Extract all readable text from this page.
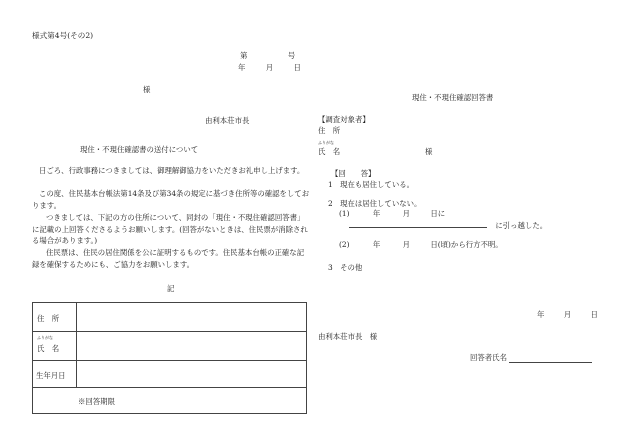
様式第4号(その2)
第	号
年	月	日
様
由利本荘市長
現住・不現住確認書の送付について
日ごろ、行政事務につきましては、御理解御協力をいただきお礼申し上げます。
この度、住民基本台帳法第14条及び第34条の規定に基づき住所等の確認をしております。
つきましては、下記の方の住所について、同封の「現住・不現住確認回答書」に記載の上回答くださるようお願いします。(回答がないときは、住民票が消除される場合があります。)
住民票は、住民の居住関係を公に証明するものです。住民基本台帳の正確な記録を確保するためにも、ご協力をお願いします。
記
住　所
ふりがな
氏　名
生年月日
※回答期限
現住・不現住確認回答書
【調査対象者】
住　所
ふりがな
氏　名	様
【回　　答】
1　現在も居住している。
2　現在は居住していない。
(1)	年	月	日に
に引っ越した。
(2)	年	月	日(頃)から行方不明。
3　その他
年	月	日
由利本荘市長　様
回答者氏名
